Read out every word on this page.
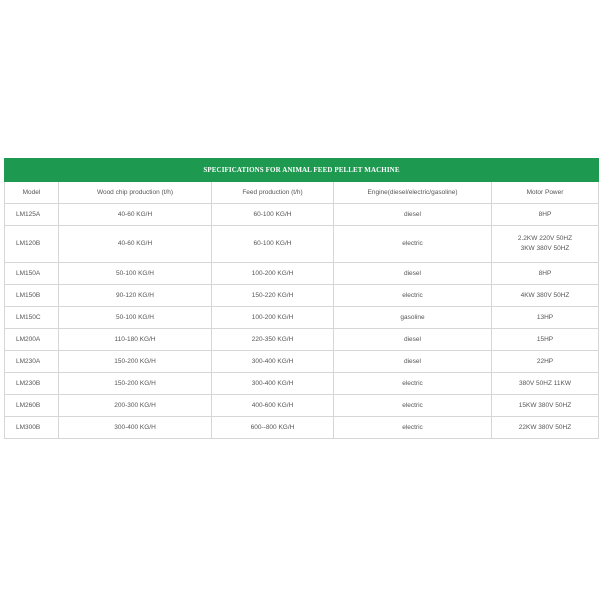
SPECIFICATIONS FOR ANIMAL FEED PELLET MACHINE				
Model	Wood chip production (t/h)	Feed production (t/h)	Engine(diesel/electric/gasoline)	Motor Power
LM125A	40-60 KG/H	60-100 KG/H	diesel	8HP

LM120B	40-60 KG/H	60-100 KG/H	electric	2.2KW 220V 50HZ
3KW 380V 50HZ

LM150A	50-100 KG/H	100-200 KG/H	diesel	8HP

LM150B	90-120 KG/H	150-220 KG/H	electric	4KW 380V 50HZ

LM150C	50-100 KG/H	100-200 KG/H	gasoline	13HP

LM200A	110-180 KG/H	220-350 KG/H	diesel	15HP

LM230A	150-200 KG/H	300-400 KG/H	diesel	22HP

LM230B	150-200 KG/H	300-400 KG/H	electric	380V 50HZ 11KW

LM260B	200-300 KG/H	400-600 KG/H	electric	15KW 380V 50HZ

LM300B	300-400 KG/H	600--800 KG/H	electric	22KW 380V 50HZ
